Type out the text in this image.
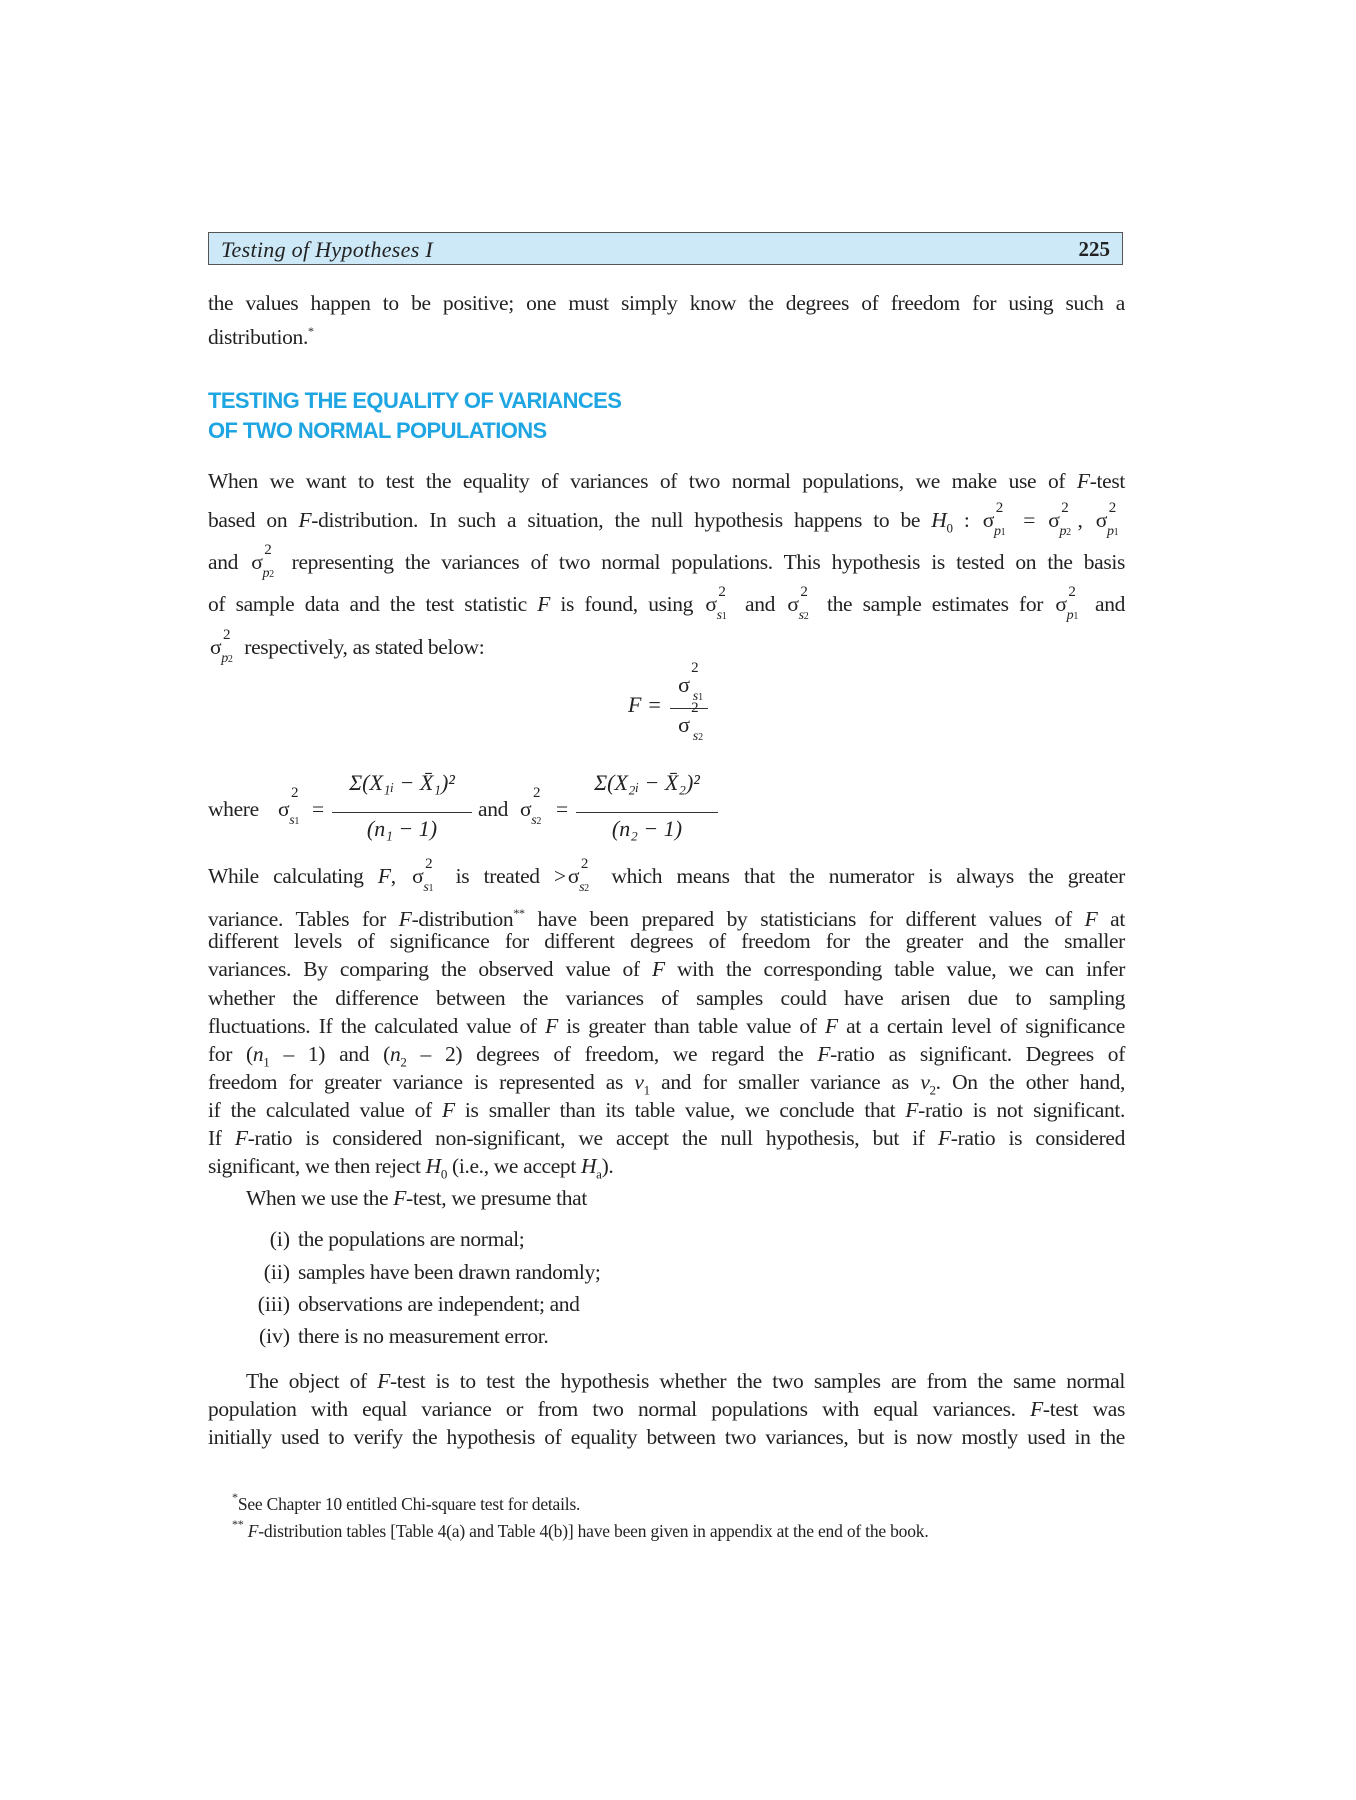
Testing of Hypotheses I	225
TESTING THE EQUALITY OF VARIANCES
OF TWO NORMAL POPULATIONS
the values happen to be positive; one must simply know the degrees of freedom for using such a
distribution.*
When we want to test the equality of variances of two normal populations, we make use of F-test
based on F-distribution. In such a situation, the null hypothesis happens to be $H_0$ : σ 2
p1 = σ 2
p2, σ 2
p1
and σ 2
p2 representing the variances of two normal populations. This hypothesis is tested on the basis
of sample data and the test statistic F is found, using σ 2
s1 and σ 2
s2 the sample estimates for σ 2
p1 and
σ 2
p2 respectively, as stated below:
While calculating F, σ 2
s1 is treated >σ 2
s2 which means that the numerator is always the greater
variance. Tables for F-distribution** have been prepared by statisticians for different values of F at
different levels of significance for different degrees of freedom for the greater and the smaller
variances. By comparing the observed value of F with the corresponding table value, we can infer
whether the difference between the variances of samples could have arisen due to sampling
fluctuations. If the calculated value of F is greater than table value of F at a certain level of significance
for $(n_1 - 1)$ and $(n_2 - 2)$ degrees of freedom, we regard the F-ratio as significant. Degrees of
freedom for greater variance is represented as $v_1$ and for smaller variance as $v_2$. On the other hand,
if the calculated value of F is smaller than its table value, we conclude that F-ratio is not significant.
If F-ratio is considered non-significant, we accept the null hypothesis, but if F-ratio is considered
significant, we then reject $H_0$ (i.e., we accept $H_a$).
When we use the F-test, we presume that
The object of F-test is to test the hypothesis whether the two samples are from the same normal
population with equal variance or from two normal populations with equal variances. F-test was
initially used to verify the hypothesis of equality between two variances, but is now mostly used in the
F =
σ
2
s1
σ
2
s2
where σ
2
s1
=
Σ(X₁ᵢ − X̄₁)²
(n₁ − 1)
and σ
2
s2
=
Σ(X₂ᵢ − X̄₂)²
(n₂ − 1)
(i) the populations are normal;
(ii) samples have been drawn randomly;
(iii) observations are independent; and
(iv) there is no measurement error.
*See Chapter 10 entitled Chi-square test for details.
** F-distribution tables [Table 4(a) and Table 4(b)] have been given in appendix at the end of the book.
